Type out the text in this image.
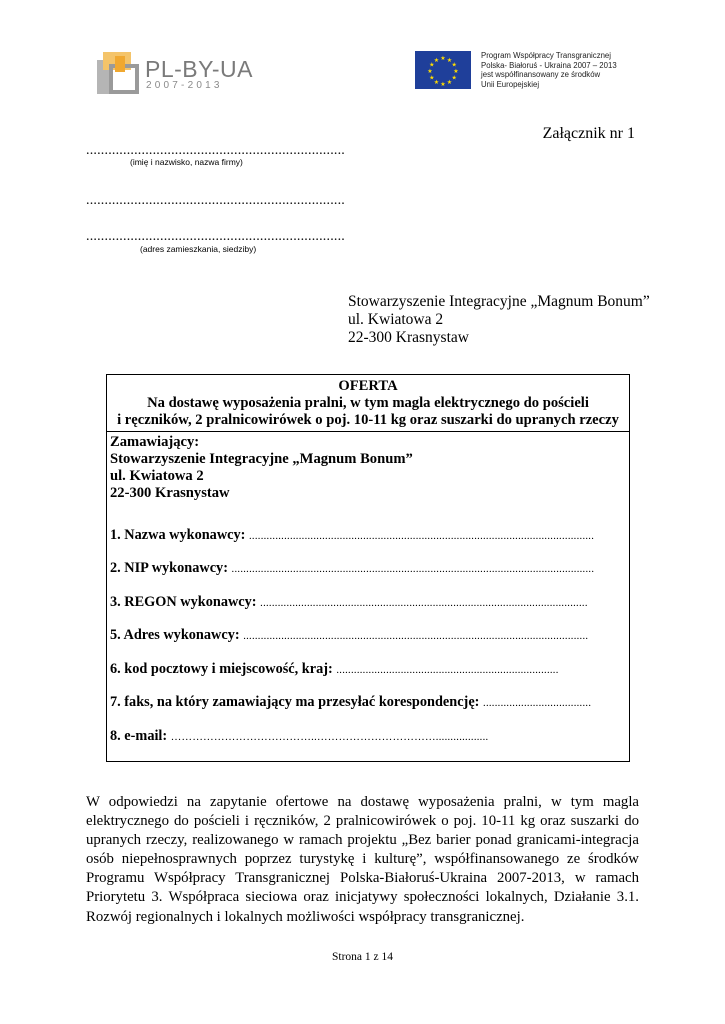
PL-BY-UA
2007-2013
★ ★
★
★
★
★
★
★
★
★
★
★
Program Współpracy Transgranicznej
Polska- Białoruś - Ukraina 2007 – 2013
jest współfinansowany ze środków
Unii Europejskiej
Załącznik nr 1
......................................................................
(imię i nazwisko, nazwa firmy)
......................................................................
......................................................................
(adres zamieszkania, siedziby)
Stowarzyszenie Integracyjne „Magnum Bonum”
ul. Kwiatowa 2
22-300 Krasnystaw
OFERTA
Na dostawę wyposażenia pralni, w tym magla elektrycznego do pościeli
i ręczników, 2 pralnicowirówek o poj. 10-11 kg oraz suszarki do upranych rzeczy
Zamawiający:
Stowarzyszenie Integracyjne „Magnum Bonum”
ul. Kwiatowa 2
22-300 Krasnystaw
1. Nazwa wykonawcy: ......................................................................................................................
2. NIP wykonawcy: ............................................................................................................................
3. REGON wykonawcy: ................................................................................................................
5. Adres wykonawcy: ......................................................................................................................
6. kod pocztowy i miejscowość, kraj: ............................................................................
7. faks, na który zamawiający ma przesyłać korespondencję: .....................................
8. e-mail: …………………………………..……………………………..................
W odpowiedzi na zapytanie ofertowe na dostawę wyposażenia pralni, w tym magla elektrycznego do pościeli i ręczników, 2 pralnicowirówek o poj. 10-11 kg oraz suszarki do upranych rzeczy, realizowanego w ramach projektu „Bez barier ponad granicami-integracja osób niepełnosprawnych poprzez turystykę i kulturę”, współfinansowanego ze środków Programu Współpracy Transgranicznej Polska-Białoruś-Ukraina 2007-2013, w ramach Priorytetu 3. Współpraca sieciowa oraz inicjatywy społeczności lokalnych, Działanie 3.1. Rozwój regionalnych i lokalnych możliwości współpracy transgranicznej.
Strona 1 z 14
